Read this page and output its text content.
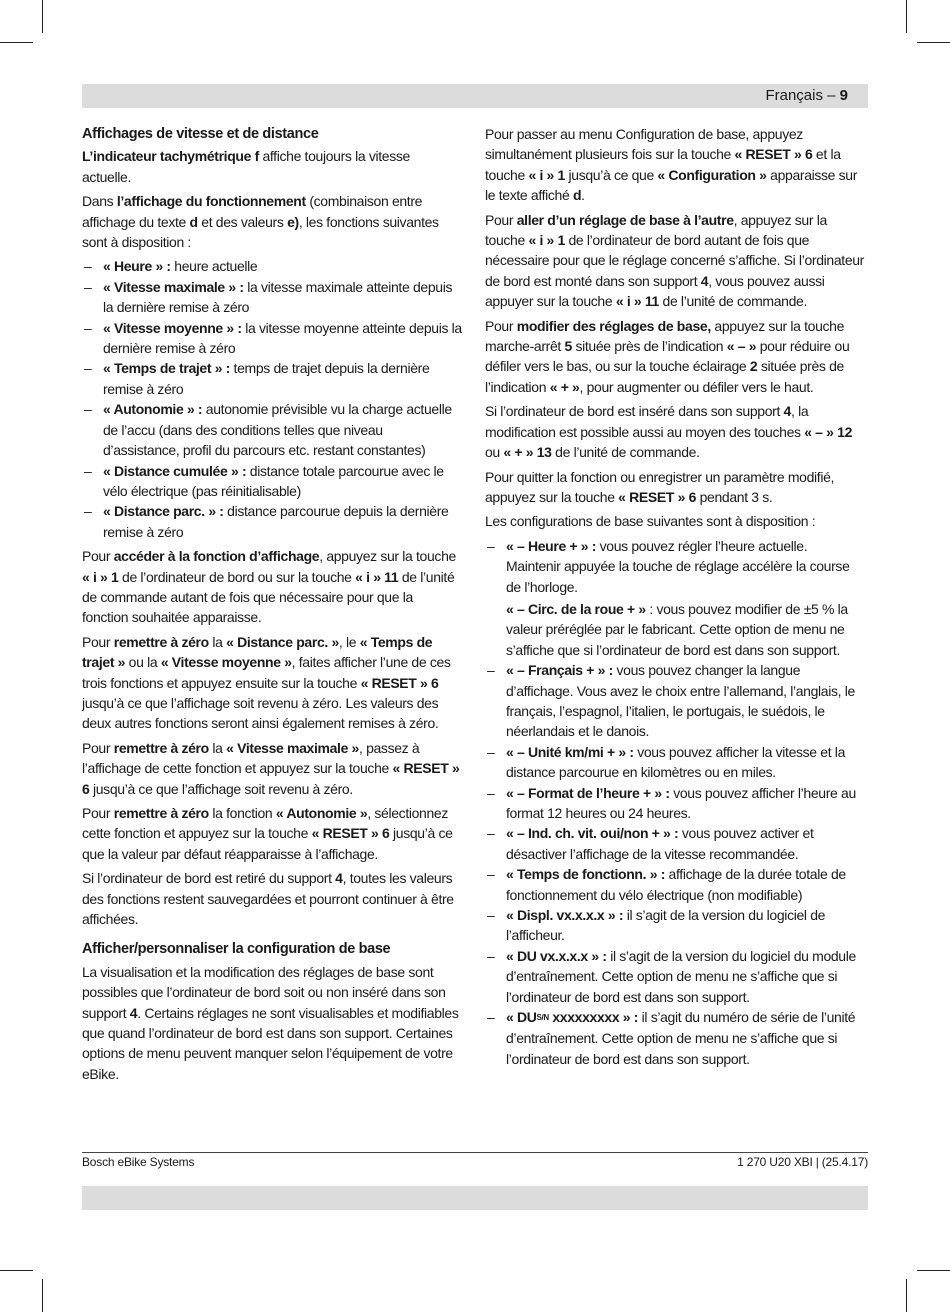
Français – 9
Affichages de vitesse et de distance

L’indicateur tachymétrique f affiche toujours la vitesse actuelle.

Dans l’affichage du fonctionnement (combinaison entre affichage du texte d et des valeurs e), les fonctions suivantes sont à disposition :

– « Heure » : heure actuelle
– « Vitesse maximale » : la vitesse maximale atteinte depuis la dernière remise à zéro
– « Vitesse moyenne » : la vitesse moyenne atteinte depuis la dernière remise à zéro
– « Temps de trajet » : temps de trajet depuis la dernière remise à zéro
– « Autonomie » : autonomie prévisible vu la charge actuelle de l’accu (dans des conditions telles que niveau d’assistance, profil du parcours etc. restant constantes)
– « Distance cumulée » : distance totale parcourue avec le vélo électrique (pas réinitialisable)
– « Distance parc. » : distance parcourue depuis la dernière remise à zéro

Pour accéder à la fonction d’affichage, appuyez sur la touche « i » 1 de l’ordinateur de bord ou sur la touche « i » 11 de l’unité de commande autant de fois que nécessaire pour que la fonction souhaitée apparaisse.

Pour remettre à zéro la « Distance parc. », le « Temps de trajet » ou la « Vitesse moyenne », faites afficher l’une de ces trois fonctions et appuyez ensuite sur la touche « RESET » 6 jusqu’à ce que l’affichage soit revenu à zéro. Les valeurs des deux autres fonctions seront ainsi également remises à zéro.

Pour remettre à zéro la « Vitesse maximale », passez à l’affichage de cette fonction et appuyez sur la touche « RESET » 6 jusqu’à ce que l’affichage soit revenu à zéro.

Pour remettre à zéro la fonction « Autonomie », sélectionnez cette fonction et appuyez sur la touche « RESET » 6 jusqu’à ce que la valeur par défaut réapparaisse à l’affichage.

Si l’ordinateur de bord est retiré du support 4, toutes les valeurs des fonctions restent sauvegardées et pourront continuer à être affichées.

Afficher/personnaliser la configuration de base

La visualisation et la modification des réglages de base sont possibles que l’ordinateur de bord soit ou non inséré dans son support 4. Certains réglages ne sont visualisables et modifiables que quand l’ordinateur de bord est dans son support. Certaines options de menu peuvent manquer selon l’équipement de votre eBike.

Pour passer au menu Configuration de base, appuyez simultanément plusieurs fois sur la touche « RESET » 6 et la touche « i » 1 jusqu’à ce que « Configuration » apparaisse sur le texte affiché d.

Pour aller d’un réglage de base à l’autre, appuyez sur la touche « i » 1 de l’ordinateur de bord autant de fois que nécessaire pour que le réglage concerné s’affiche. Si l’ordinateur de bord est monté dans son support 4, vous pouvez aussi appuyer sur la touche « i » 11 de l’unité de commande.

Pour modifier des réglages de base, appuyez sur la touche marche-arrêt 5 située près de l’indication « – » pour réduire ou défiler vers le bas, ou sur la touche éclairage 2 située près de l’indication « + », pour augmenter ou défiler vers le haut.

Si l’ordinateur de bord est inséré dans son support 4, la modification est possible aussi au moyen des touches « – » 12 ou « + » 13 de l’unité de commande.

Pour quitter la fonction ou enregistrer un paramètre modifié, appuyez sur la touche « RESET » 6 pendant 3 s.

Les configurations de base suivantes sont à disposition :

– « – Heure + » : vous pouvez régler l’heure actuelle. Maintenir appuyée la touche de réglage accélère la course de l’horloge.
« – Circ. de la roue + » : vous pouvez modifier de ±5 % la valeur préréglée par le fabricant. Cette option de menu ne s’affiche que si l’ordinateur de bord est dans son support.
– « – Français + » : vous pouvez changer la langue d’affichage. Vous avez le choix entre l’allemand, l’anglais, le français, l’espagnol, l’italien, le portugais, le suédois, le néerlandais et le danois.
– « – Unité km/mi + » : vous pouvez afficher la vitesse et la distance parcourue en kilomètres ou en miles.
– « – Format de l’heure + » : vous pouvez afficher l’heure au format 12 heures ou 24 heures.
– « – Ind. ch. vit. oui/non + » : vous pouvez activer et désactiver l’affichage de la vitesse recommandée.
– « Temps de fonctionn. » : affichage de la durée totale de fonctionnement du vélo électrique (non modifiable)
– « Displ. vx.x.x.x » : il s’agit de la version du logiciel de l’afficheur.
– « DU vx.x.x.x » : il s’agit de la version du logiciel du module d’entraînement. Cette option de menu ne s’affiche que si l’ordinateur de bord est dans son support.
– « DUS/N xxxxxxxxx » : il s’agit du numéro de série de l’unité d’entraînement. Cette option de menu ne s’affiche que si l’ordinateur de bord est dans son support.
Bosch eBike Systems	1 270 U20 XBI | (25.4.17)
